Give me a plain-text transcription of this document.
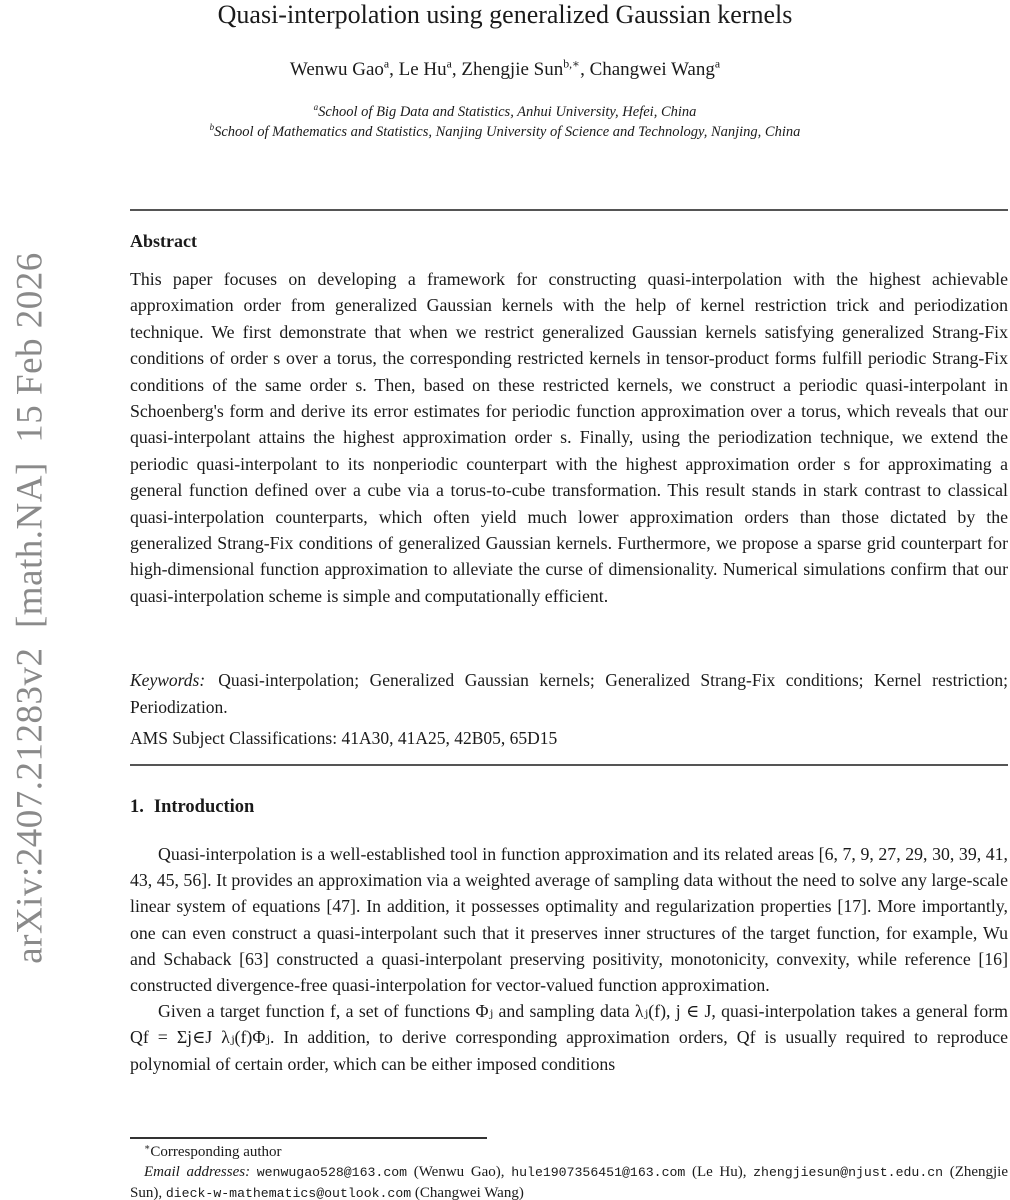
arXiv:2407.21283v2  [math.NA]  15 Feb 2026
Quasi-interpolation using generalized Gaussian kernels
Wenwu Gao$^a$, Le Hu$^a$, Zhengjie Sun$^{b,∗}$, Changwei Wang$^a$
$^a$School of Big Data and Statistics, Anhui University, Hefei, China
$^b$School of Mathematics and Statistics, Nanjing University of Science and Technology, Nanjing, China
Abstract
This paper focuses on developing a framework for constructing quasi-interpolation with the highest achievable approximation order from generalized Gaussian kernels with the help of kernel restriction trick and periodization technique. We first demonstrate that when we restrict generalized Gaussian kernels satisfying generalized Strang-Fix conditions of order s over a torus, the corresponding restricted kernels in tensor-product forms fulfill periodic Strang-Fix conditions of the same order s. Then, based on these restricted kernels, we construct a periodic quasi-interpolant in Schoenberg's form and derive its error estimates for periodic function approximation over a torus, which reveals that our quasi-interpolant attains the highest approximation order s. Finally, using the periodization technique, we extend the periodic quasi-interpolant to its nonperiodic counterpart with the highest approximation order s for approximating a general function defined over a cube via a torus-to-cube transformation. This result stands in stark contrast to classical quasi-interpolation counterparts, which often yield much lower approximation orders than those dictated by the generalized Strang-Fix conditions of generalized Gaussian kernels. Furthermore, we propose a sparse grid counterpart for high-dimensional function approximation to alleviate the curse of dimensionality. Numerical simulations confirm that our quasi-interpolation scheme is simple and computationally efficient.
Keywords: Quasi-interpolation; Generalized Gaussian kernels; Generalized Strang-Fix conditions; Kernel restriction; Periodization.
AMS Subject Classifications: 41A30, 41A25, 42B05, 65D15
1. Introduction

Quasi-interpolation is a well-established tool in function approximation and its related areas [6, 7, 9, 27, 29, 30, 39, 41, 43, 45, 56]. It provides an approximation via a weighted average of sampling data without the need to solve any large-scale linear system of equations [47]. In addition, it possesses optimality and regularization properties [17]. More importantly, one can even construct a quasi-interpolant such that it preserves inner structures of the target function, for example, Wu and Schaback [63] constructed a quasi-interpolant preserving positivity, monotonicity, convexity, while reference [16] constructed divergence-free quasi-interpolation for vector-valued function approximation.

Given a target function f, a set of functions Φⱼ and sampling data λⱼ(f), j ∈ J, quasi-interpolation takes a general form Qf = Σj∈J λⱼ(f)Φⱼ. In addition, to derive corresponding approximation orders, Qf is usually required to reproduce polynomial of certain order, which can be either imposed conditions

∗Corresponding author

Email addresses: wenwugao528@163.com (Wenwu Gao), hule1907356451@163.com (Le Hu), zhengjiesun@njust.edu.cn (Zhengjie Sun), dieck-w-mathematics@outlook.com (Changwei Wang)
